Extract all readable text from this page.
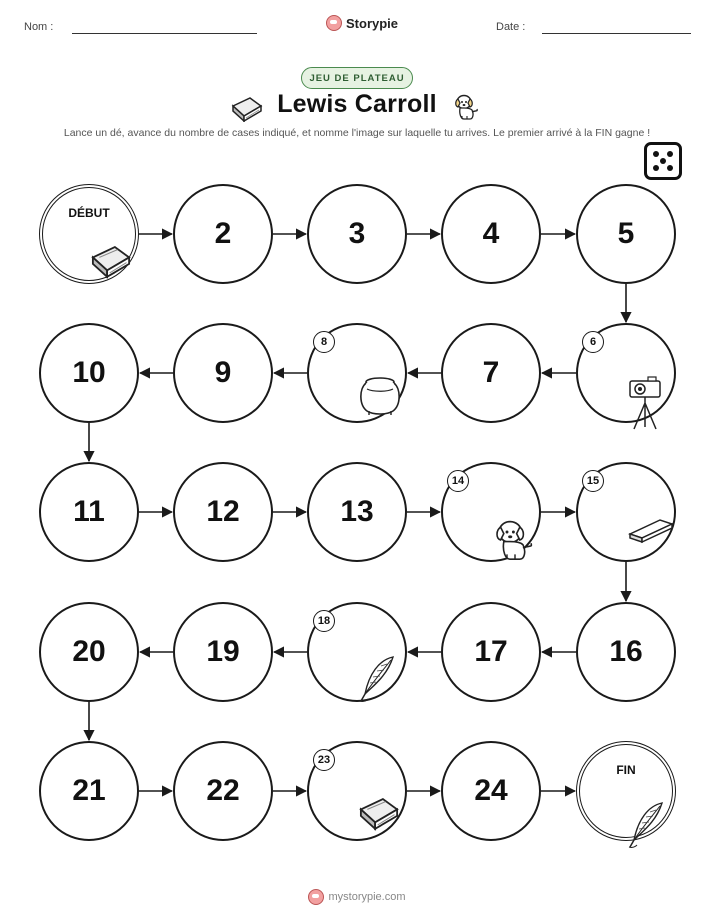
Nom :	Storypie	Date :
JEU DE PLATEAU
Lewis Carroll
Lance un dé, avance du nombre de cases indiqué, et nomme l'image sur laquelle tu arrives. Le premier arrivé à la FIN gagne !
DÉBUT
2	3	4	5
6
7
8
9
10
11	12	13
14	15
16
17
18
19
20
21	22
23
24
FIN
mystorypie.com
